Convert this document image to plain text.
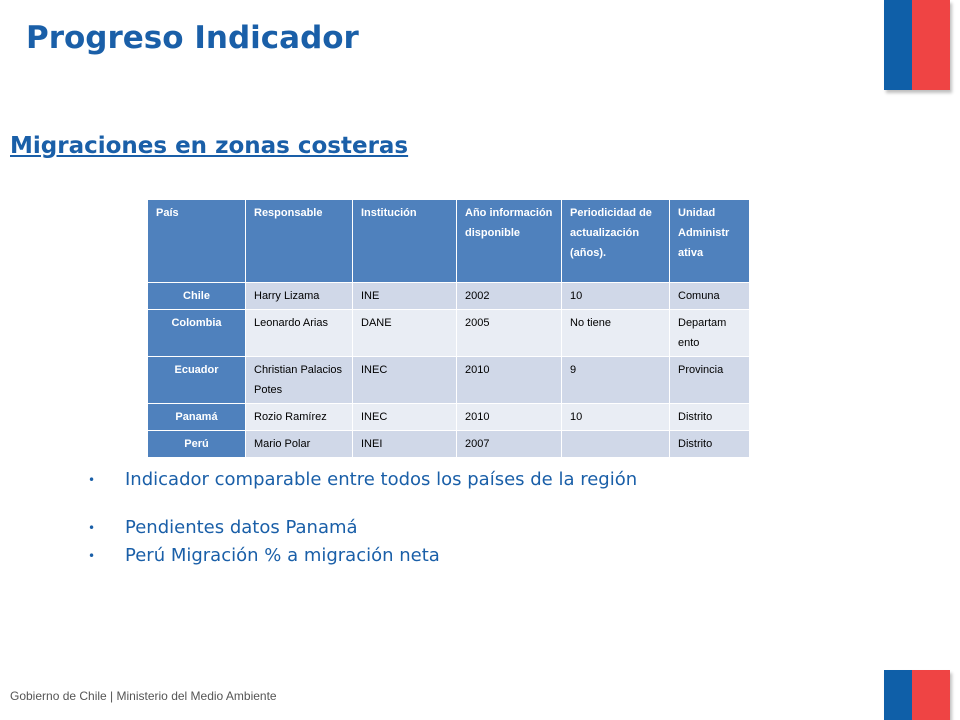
Progreso Indicador
Migraciones en zonas costeras
País	Responsable	Institución	Año información disponible	Periodicidad de actualización (años).	Unidad Administr ativa
Chile	Harry Lizama	INE	2002	10	Comuna
Colombia	Leonardo Arias	DANE	2005	No tiene	Departam ento
Ecuador	Christian Palacios Potes	INEC	2010	9	Provincia
Panamá	Rozio Ramírez	INEC	2010	10	Distrito
Perú	Mario Polar	INEI	2007		Distrito
• Indicador comparable entre todos los países de la región
• Pendientes datos Panamá
• Perú Migración % a migración neta
Gobierno de Chile | Ministerio del Medio Ambiente
